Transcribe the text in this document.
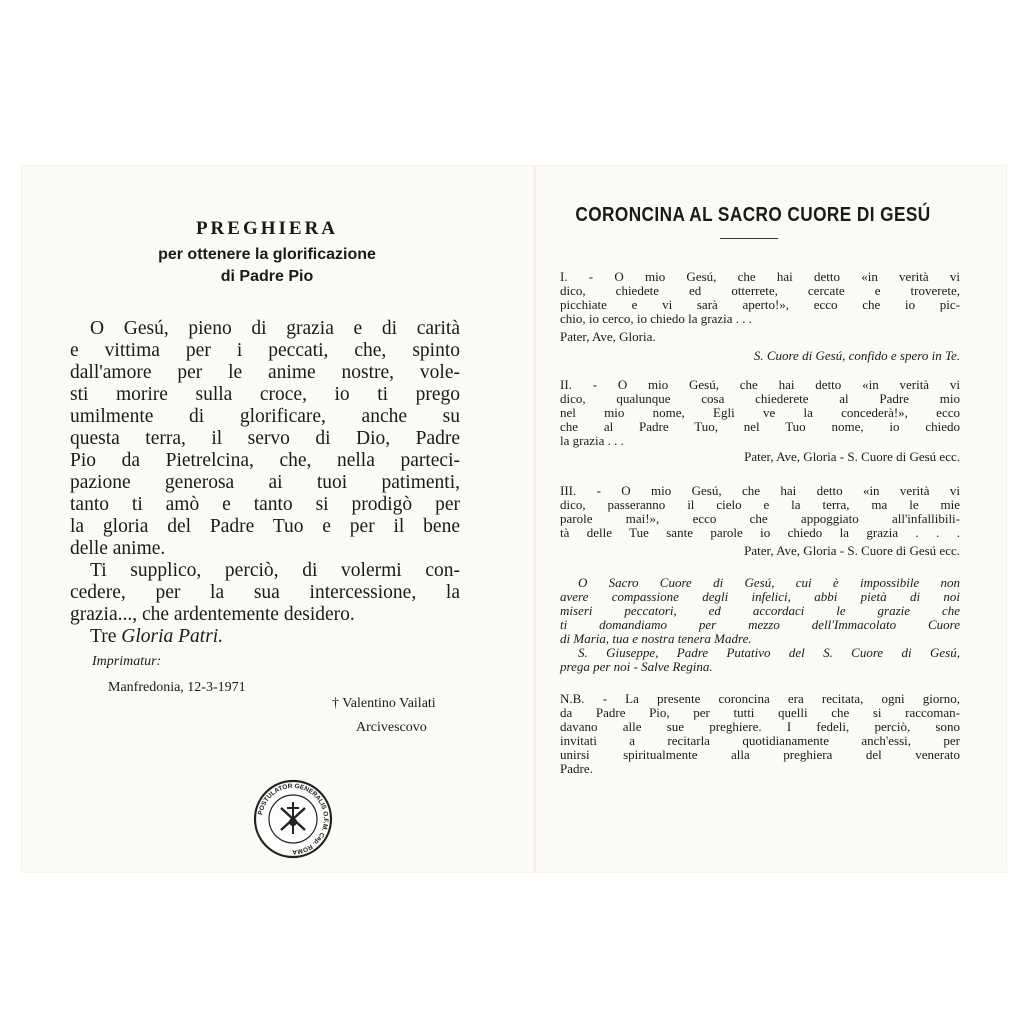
PREGHIERA
per ottenere la glorificazione
di Padre Pio
O Gesú, pieno di grazia e di carità
e vittima per i peccati, che, spinto
dall'amore per le anime nostre, vole-
sti morire sulla croce, io ti prego
umilmente di glorificare, anche su
questa terra, il servo di Dio, Padre
Pio da Pietrelcina, che, nella parteci-
pazione generosa ai tuoi patimenti,
tanto ti amò e tanto si prodigò per
la gloria del Padre Tuo e per il bene
delle anime.
Ti supplico, perciò, di volermi con-
cedere, per la sua intercessione, la
grazia..., che ardentemente desidero.
Tre Gloria Patri.
Imprimatur:
Manfredonia, 12-3-1971
† Valentino Vailati
Arcivescovo
POSTULATOR GENERALIS O.F.M. Cap. ROMA
CORONCINA AL SACRO CUORE DI GESÚ
I. - O mio Gesú, che hai detto «in verità vi
dico, chiedete ed otterrete, cercate e troverete,
picchiate e vi sarà aperto!», ecco che io pic-
chio, io cerco, io chiedo la grazia . . .
Pater, Ave, Gloria.
S. Cuore di Gesú, confido e spero in Te.
II. - O mio Gesú, che hai detto «in verità vi
dico, qualunque cosa chiederete al Padre mio
nel mio nome, Egli ve la concederà!», ecco
che al Padre Tuo, nel Tuo nome, io chiedo
la grazia . . .
Pater, Ave, Gloria - S. Cuore di Gesú ecc.
III. - O mio Gesú, che hai detto «in verità vi
dico, passeranno il cielo e la terra, ma le mie
parole mai!», ecco che appoggiato all'infallibili-
tà delle Tue sante parole io chiedo la grazia . . .
Pater, Ave, Gloria - S. Cuore di Gesú ecc.
O Sacro Cuore di Gesú, cui è impossibile non
avere compassione degli infelici, abbi pietà di noi
miseri peccatori, ed accordaci le grazie che
ti domandiamo per mezzo dell'Immacolato Cuore
di Maria, tua e nostra tenera Madre.
S. Giuseppe, Padre Putativo del S. Cuore di Gesú,
prega per noi - Salve Regina.
N.B. - La presente coroncina era recitata, ogni giorno,
da Padre Pio, per tutti quelli che si raccoman-
davano alle sue preghiere. I fedeli, perciò, sono
invitati a recitarla quotidianamente anch'essi, per
unirsi spiritualmente alla preghiera del venerato
Padre.
